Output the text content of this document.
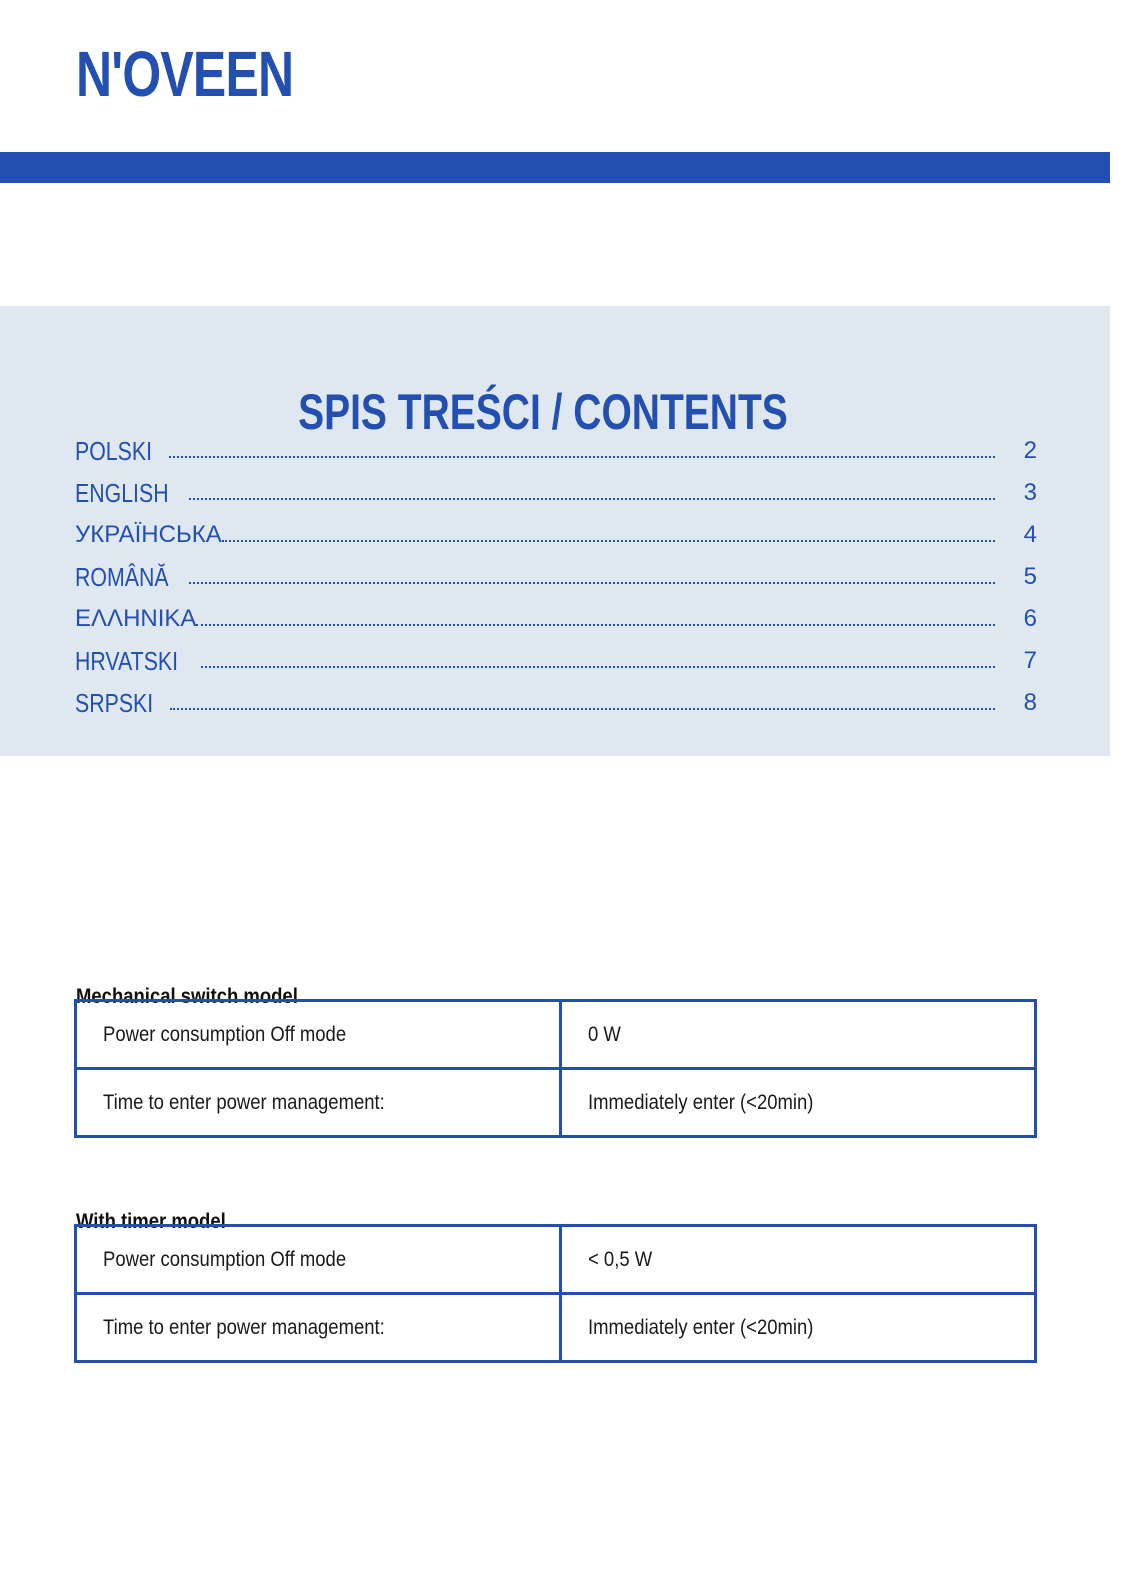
N'OVEEN
SPIS TREŚCI / CONTENTS
POLSKI	2
ENGLISH	3
УКРАЇНСЬКА	4
ROMÂNĂ	5
ΕΛΛΗΝΙΚΑ	6
HRVATSKI	7
SRPSKI	8
Mechanical switch model
Power consumption Off mode	0 W
Time to enter power management:	Immediately enter (<20min)
With timer model
Power consumption Off mode	< 0,5 W
Time to enter power management:	Immediately enter (<20min)
